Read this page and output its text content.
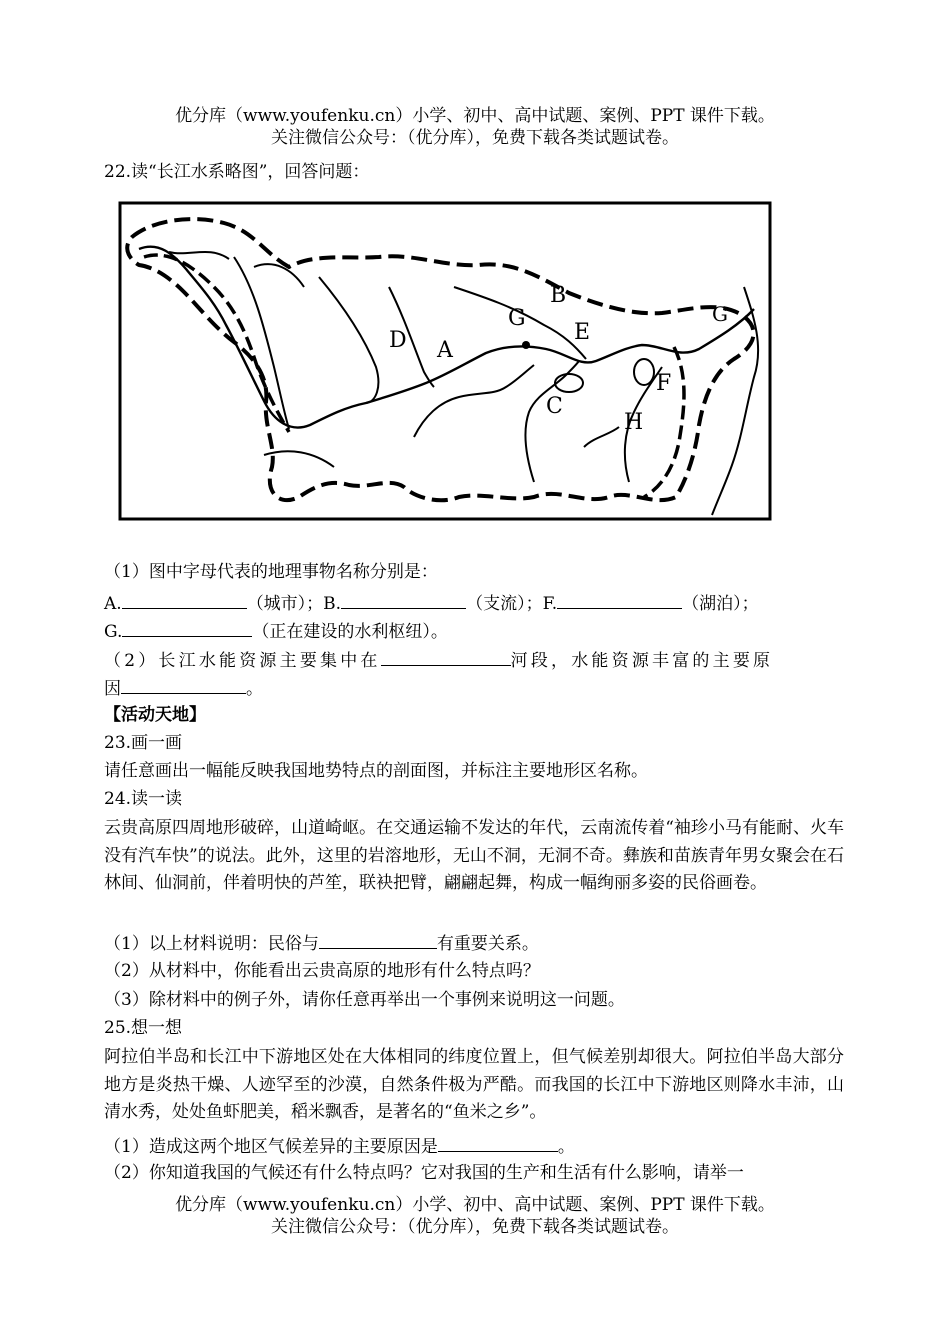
优分库（www.youfenku.cn）小学、初中、高中试题、案例、PPT 课件下载。
关注微信公众号：（优分库），免费下载各类试题试卷。
22.读“长江水系略图”，回答问题：
B
G
E
G
D A
F
C
H
（1）图中字母代表的地理事物名称分别是：
A.	（城市）；B.	（支流）；F.	（湖泊）；
G.	（正在建设的水利枢纽）。
（2）长江水能资源主要集中在	河段，水能资源丰富的主要原
因	。
【活动天地】
23.画一画
请任意画出一幅能反映我国地势特点的剖面图，并标注主要地形区名称。
24.读一读
云贵高原四周地形破碎，山道崎岖。在交通运输不发达的年代，云南流传着“袖珍小马有能耐、火车没有汽车快”的说法。此外，这里的岩溶地形，无山不洞，无洞不奇。彝族和苗族青年男女聚会在石林间、仙洞前，伴着明快的芦笙，联袂把臂，翩翩起舞，构成一幅绚丽多姿的民俗画卷。
（1）以上材料说明：民俗与	有重要关系。
（2）从材料中，你能看出云贵高原的地形有什么特点吗？
（3）除材料中的例子外，请你任意再举出一个事例来说明这一问题。
25.想一想
阿拉伯半岛和长江中下游地区处在大体相同的纬度位置上，但气候差别却很大。阿拉伯半岛大部分地方是炎热干燥、人迹罕至的沙漠，自然条件极为严酷。而我国的长江中下游地区则降水丰沛，山清水秀，处处鱼虾肥美，稻米飘香，是著名的“鱼米之乡”。
（1）造成这两个地区气候差异的主要原因是	。
（2）你知道我国的气候还有什么特点吗？它对我国的生产和生活有什么影响，请举一
优分库（www.youfenku.cn）小学、初中、高中试题、案例、PPT 课件下载。
关注微信公众号：（优分库），免费下载各类试题试卷。
